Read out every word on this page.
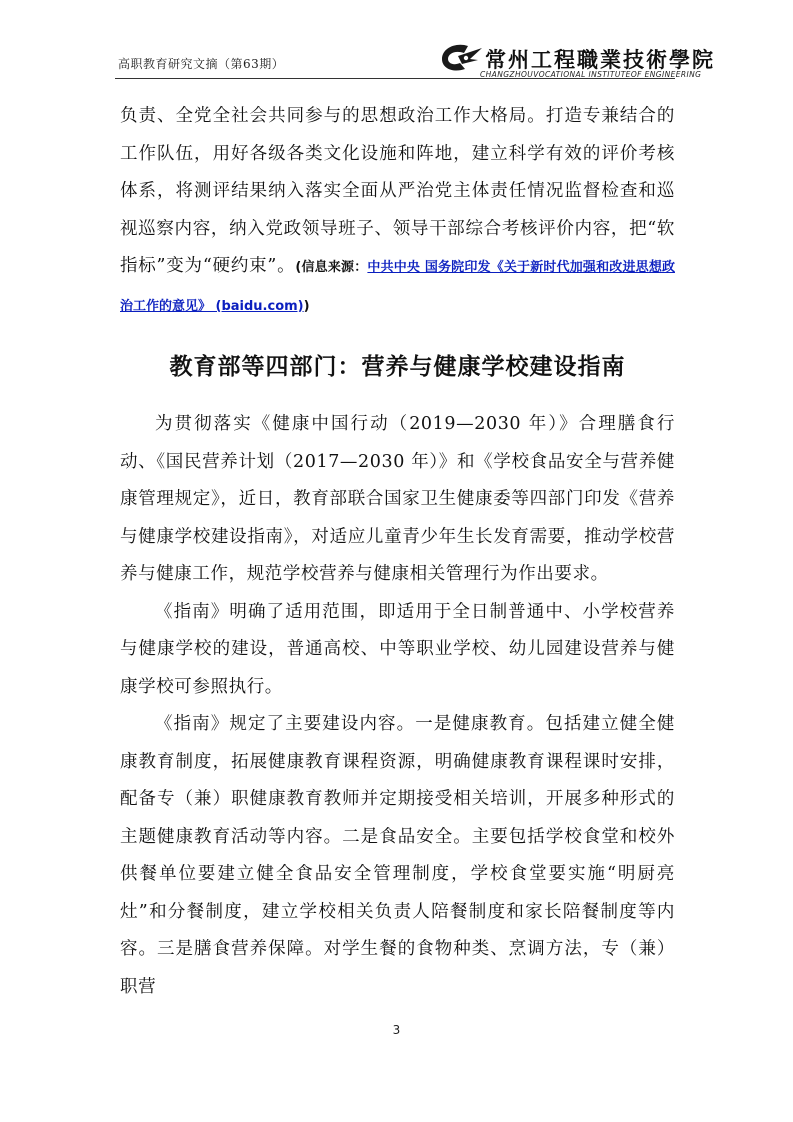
高职教育研究文摘（第63期）	常州工程職業技術學院
CHANGZHOUVOCATIONAL INSTITUTEOF ENGINEERING

负责、全党全社会共同参与的思想政治工作大格局。打造专兼结合的工作队伍，用好各级各类文化设施和阵地，建立科学有效的评价考核体系，将测评结果纳入落实全面从严治党主体责任情况监督检查和巡视巡察内容，纳入党政领导班子、领导干部综合考核评价内容，把“软指标”变为“硬约束”。(信息来源：中共中央 国务院印发《关于新时代加强和改进思想政治工作的意见》 (baidu.com))

教育部等四部门：营养与健康学校建设指南

为贯彻落实《健康中国行动（2019—2030 年）》合理膳食行动、《国民营养计划（2017—2030 年）》和《学校食品安全与营养健康管理规定》，近日，教育部联合国家卫生健康委等四部门印发《营养与健康学校建设指南》，对适应儿童青少年生长发育需要，推动学校营养与健康工作，规范学校营养与健康相关管理行为作出要求。

《指南》明确了适用范围，即适用于全日制普通中、小学校营养与健康学校的建设，普通高校、中等职业学校、幼儿园建设营养与健康学校可参照执行。

《指南》规定了主要建设内容。一是健康教育。包括建立健全健康教育制度，拓展健康教育课程资源，明确健康教育课程课时安排，配备专（兼）职健康教育教师并定期接受相关培训，开展多种形式的主题健康教育活动等内容。二是食品安全。主要包括学校食堂和校外供餐单位要建立健全食品安全管理制度，学校食堂要实施“明厨亮灶”和分餐制度，建立学校相关负责人陪餐制度和家长陪餐制度等内容。三是膳食营养保障。对学生餐的食物种类、烹调方法，专（兼）职营

3
